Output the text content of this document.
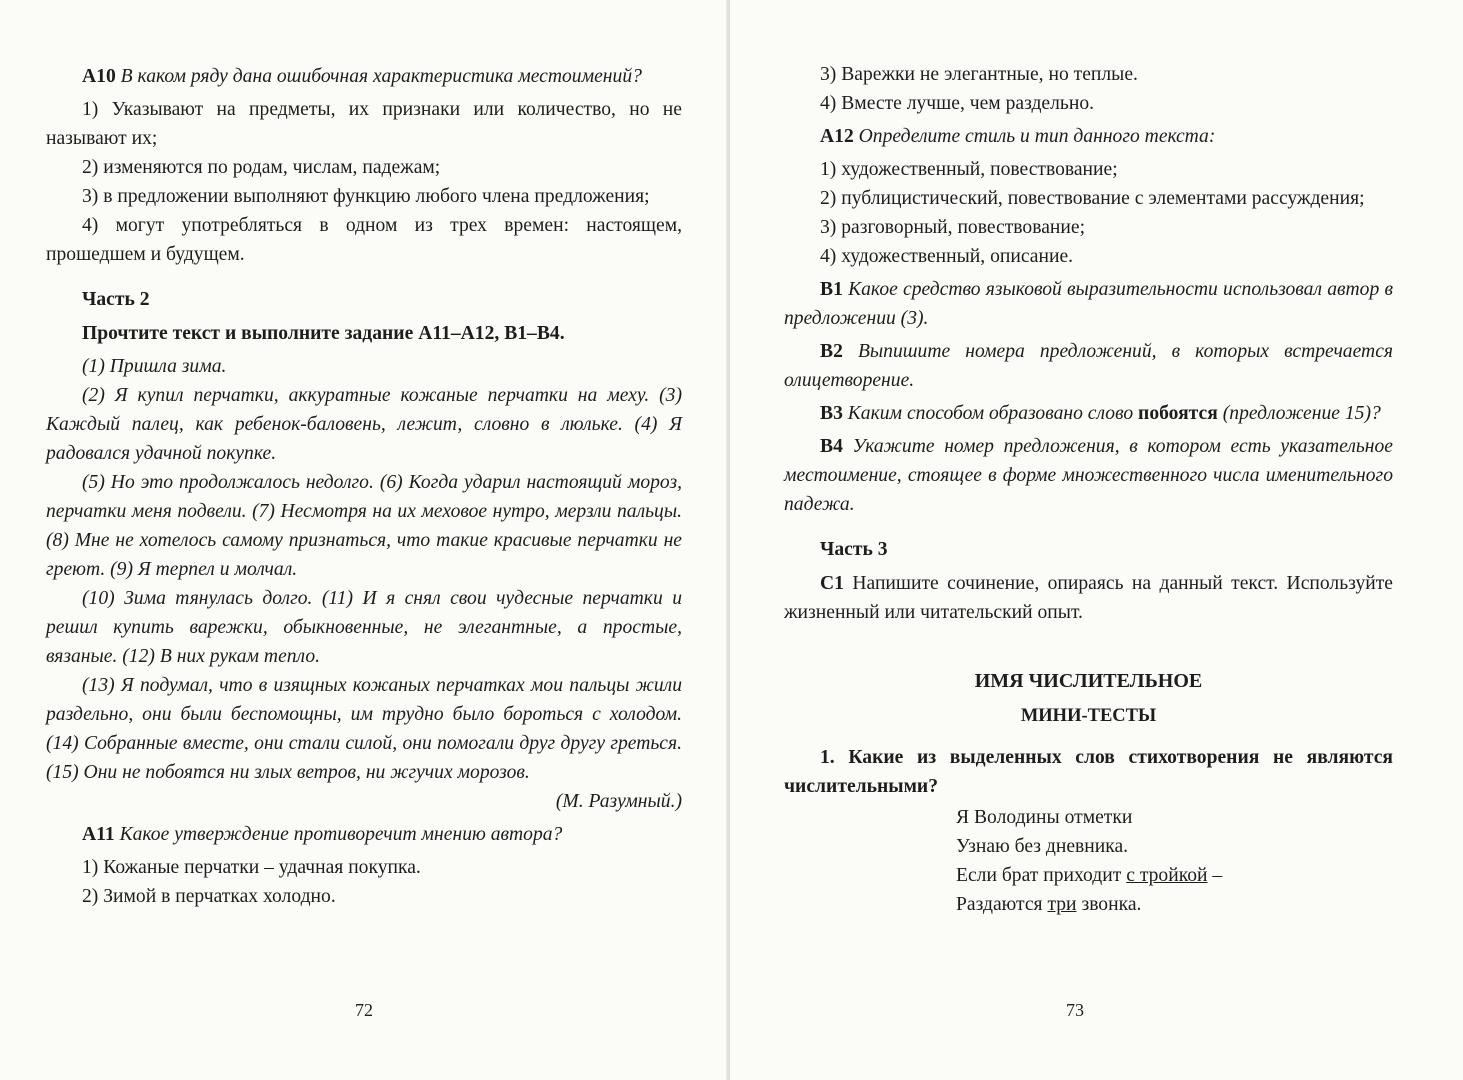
А10 В каком ряду дана ошибочная характеристика местоимений?

1) Указывают на предметы, их признаки или количество, но не называют их;

2) изменяются по родам, числам, падежам;

3) в предложении выполняют функцию любого члена предложения;

4) могут употребляться в одном из трех времен: настоящем, прошедшем и будущем.

Часть 2

Прочтите текст и выполните задание А11–А12, В1–В4.

(1) Пришла зима.

(2) Я купил перчатки, аккуратные кожаные перчатки на меху. (3) Каждый палец, как ребенок-баловень, лежит, словно в люльке. (4) Я радовался удачной покупке.

(5) Но это продолжалось недолго. (6) Когда ударил настоящий мороз, перчатки меня подвели. (7) Несмотря на их меховое нутро, мерзли пальцы. (8) Мне не хотелось самому признаться, что такие красивые перчатки не греют. (9) Я терпел и молчал.

(10) Зима тянулась долго. (11) И я снял свои чудесные перчатки и решил купить варежки, обыкновенные, не элегантные, а простые, вязаные. (12) В них рукам тепло.

(13) Я подумал, что в изящных кожаных перчатках мои пальцы жили раздельно, они были беспомощны, им трудно было бороться с холодом. (14) Собранные вместе, они стали силой, они помогали друг другу греться. (15) Они не побоятся ни злых ветров, ни жгучих морозов.

(М. Разумный.)

А11 Какое утверждение противоречит мнению автора?

1) Кожаные перчатки – удачная покупка.

2) Зимой в перчатках холодно.

3) Варежки не элегантные, но теплые.

4) Вместе лучше, чем раздельно.

А12 Определите стиль и тип данного текста:

1) художественный, повествование;

2) публицистический, повествование с элементами рассуждения;

3) разговорный, повествование;

4) художественный, описание.

В1 Какое средство языковой выразительности использовал автор в предложении (3).

В2 Выпишите номера предложений, в которых встречается олицетворение.

В3 Каким способом образовано слово побоятся (предложение 15)?

В4 Укажите номер предложения, в котором есть указательное местоимение, стоящее в форме множественного числа именительного падежа.

Часть 3

С1 Напишите сочинение, опираясь на данный текст. Используйте жизненный или читательский опыт.

ИМЯ ЧИСЛИТЕЛЬНОЕ

МИНИ-ТЕСТЫ

1. Какие из выделенных слов стихотворения не являются числительными?

Я Володины отметки

Узнаю без дневника.

Если брат приходит с тройкой –

Раздаются три звонка.

72	73
